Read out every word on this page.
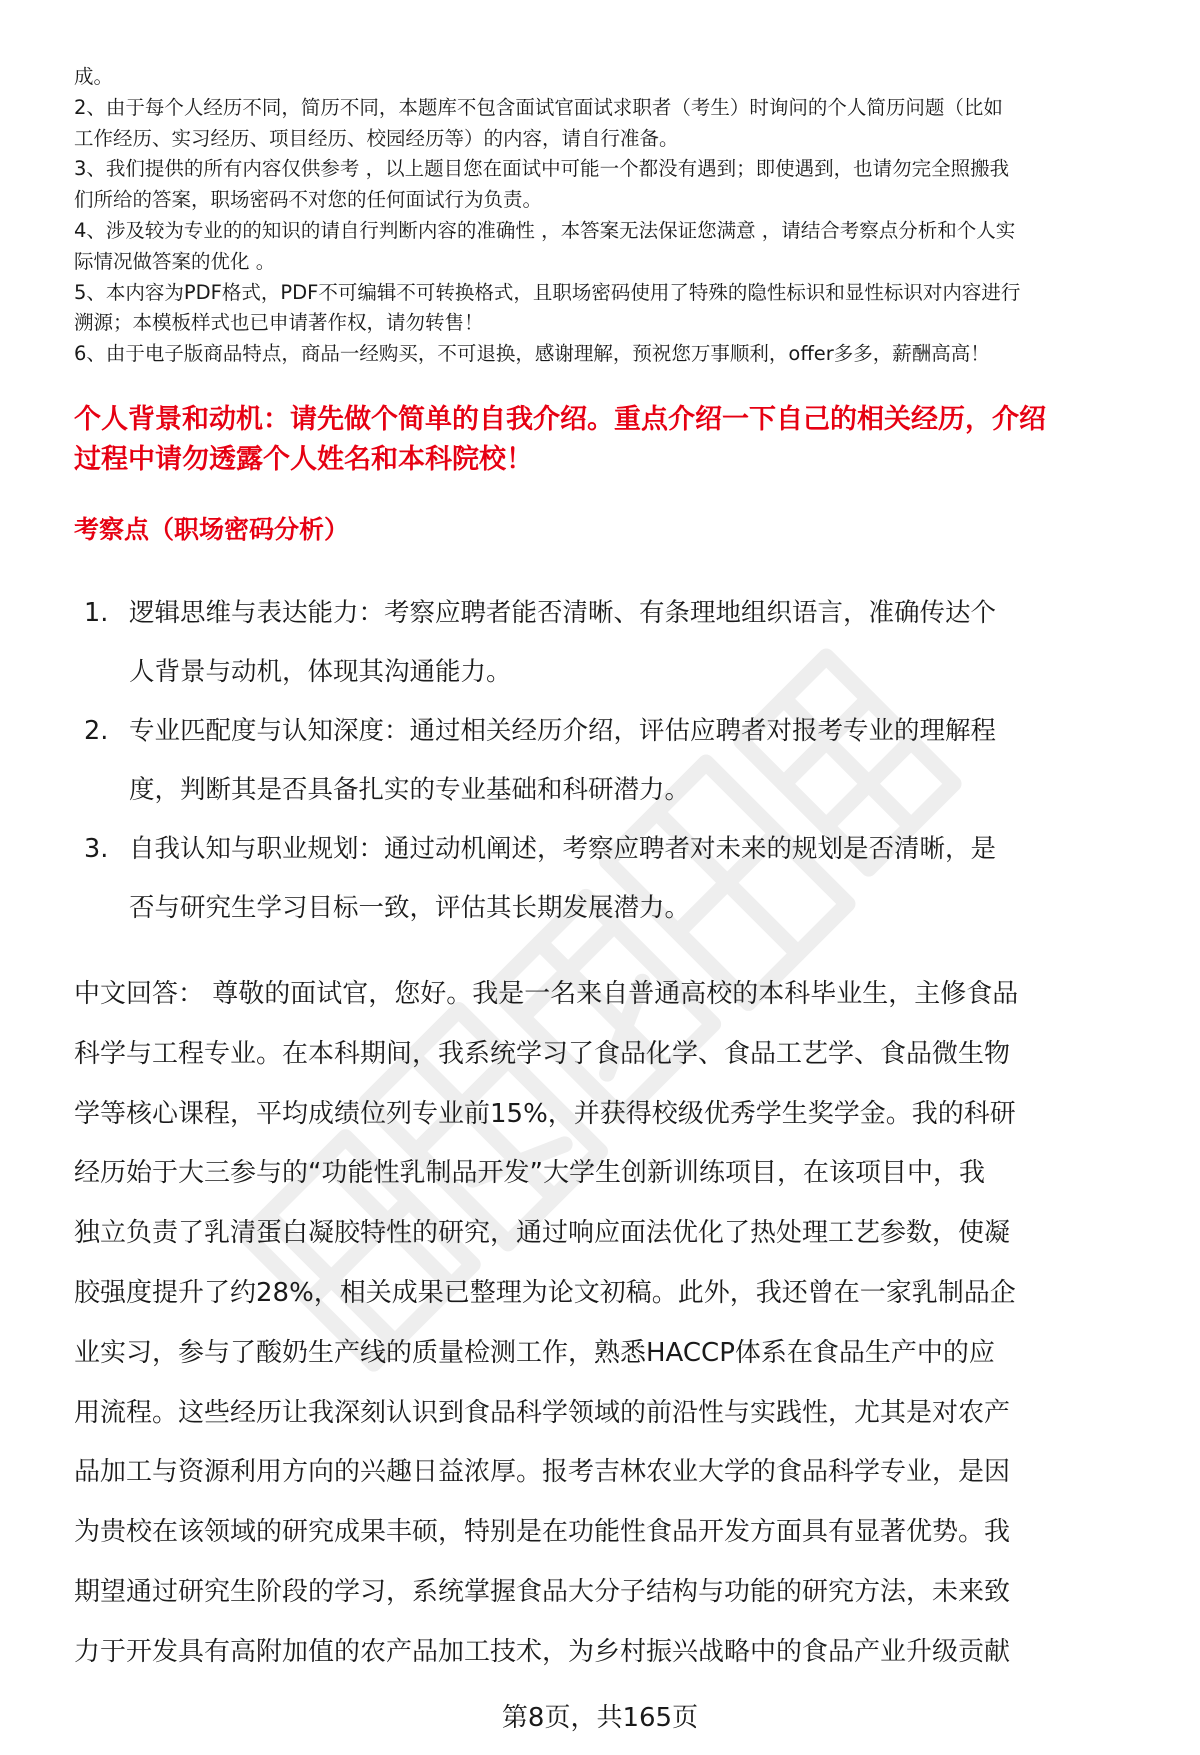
成。

2、由于每个人经历不同，简历不同，本题库不包含面试官面试求职者（考生）时询问的个人简历问题（比如

工作经历、实习经历、项目经历、校园经历等）的内容，请自行准备。

3、我们提供的所有内容仅供参考 ，以上题目您在面试中可能一个都没有遇到；即使遇到，也请勿完全照搬我

们所给的答案，职场密码不对您的任何面试行为负责。

4、涉及较为专业的的知识的请自行判断内容的准确性 ，本答案无法保证您满意 ，请结合考察点分析和个人实

际情况做答案的优化 。

5、本内容为PDF格式，PDF不可编辑不可转换格式，且职场密码使用了特殊的隐性标识和显性标识对内容进行

溯源；本模板样式也已申请著作权，请勿转售！

6、由于电子版商品特点，商品一经购买，不可退换，感谢理解，预祝您万事顺利，offer多多，薪酬高高！

个人背景和动机：请先做个简单的自我介绍。重点介绍一下自己的相关经历，介绍

过程中请勿透露个人姓名和本科院校！

考察点（职场密码分析）
1. 逻辑思维与表达能力：考察应聘者能否清晰、有条理地组织语言，准确传达个
人背景与动机，体现其沟通能力。
2. 专业匹配度与认知深度：通过相关经历介绍，评估应聘者对报考专业的理解程
度，判断其是否具备扎实的专业基础和科研潜力。
3. 自我认知与职业规划：通过动机阐述，考察应聘者对未来的规划是否清晰，是
否与研究生学习目标一致，评估其长期发展潜力。
中文回答： 尊敬的面试官，您好。我是一名来自普通高校的本科毕业生，主修食品
科学与工程专业。在本科期间，我系统学习了食品化学、食品工艺学、食品微生物
学等核心课程，平均成绩位列专业前15%，并获得校级优秀学生奖学金。我的科研
经历始于大三参与的“功能性乳制品开发”大学生创新训练项目，在该项目中，我
独立负责了乳清蛋白凝胶特性的研究，通过响应面法优化了热处理工艺参数，使凝
胶强度提升了约28%，相关成果已整理为论文初稿。此外，我还曾在一家乳制品企
业实习，参与了酸奶生产线的质量检测工作，熟悉HACCP体系在食品生产中的应
用流程。这些经历让我深刻认识到食品科学领域的前沿性与实践性，尤其是对农产
品加工与资源利用方向的兴趣日益浓厚。报考吉林农业大学的食品科学专业，是因
为贵校在该领域的研究成果丰硕，特别是在功能性食品开发方面具有显著优势。我
期望通过研究生阶段的学习，系统掌握食品大分子结构与功能的研究方法，未来致
力于开发具有高附加值的农产品加工技术，为乡村振兴战略中的食品产业升级贡献
第8页，共165页
